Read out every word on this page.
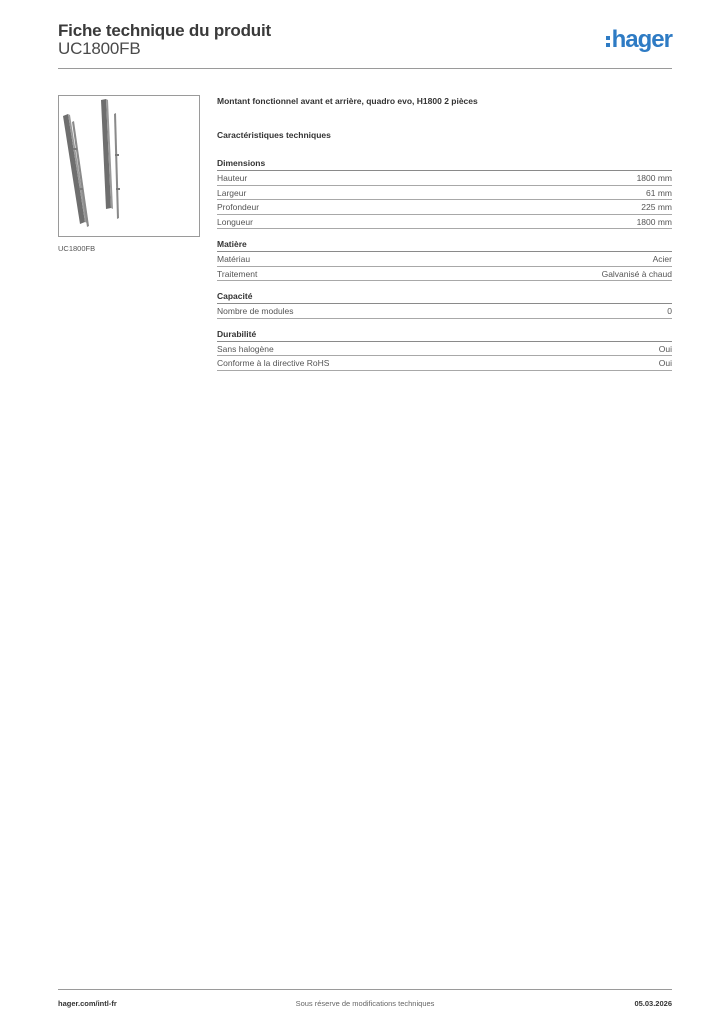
Fiche technique du produit
UC1800FB	hager
UC1800FB
Montant fonctionnel avant et arrière, quadro evo, H1800 2 pièces
Caractéristiques techniques
Dimensions
Hauteur	1800 mm
Largeur	61 mm
Profondeur	225 mm
Longueur	1800 mm
Matière
Matériau	Acier
Traitement	Galvanisé à chaud
Capacité
Nombre de modules	0
Durabilité
Sans halogène	Oui
Conforme à la directive RoHS	Oui
hager.com/intl-fr	Sous réserve de modifications techniques	05.03.2026
